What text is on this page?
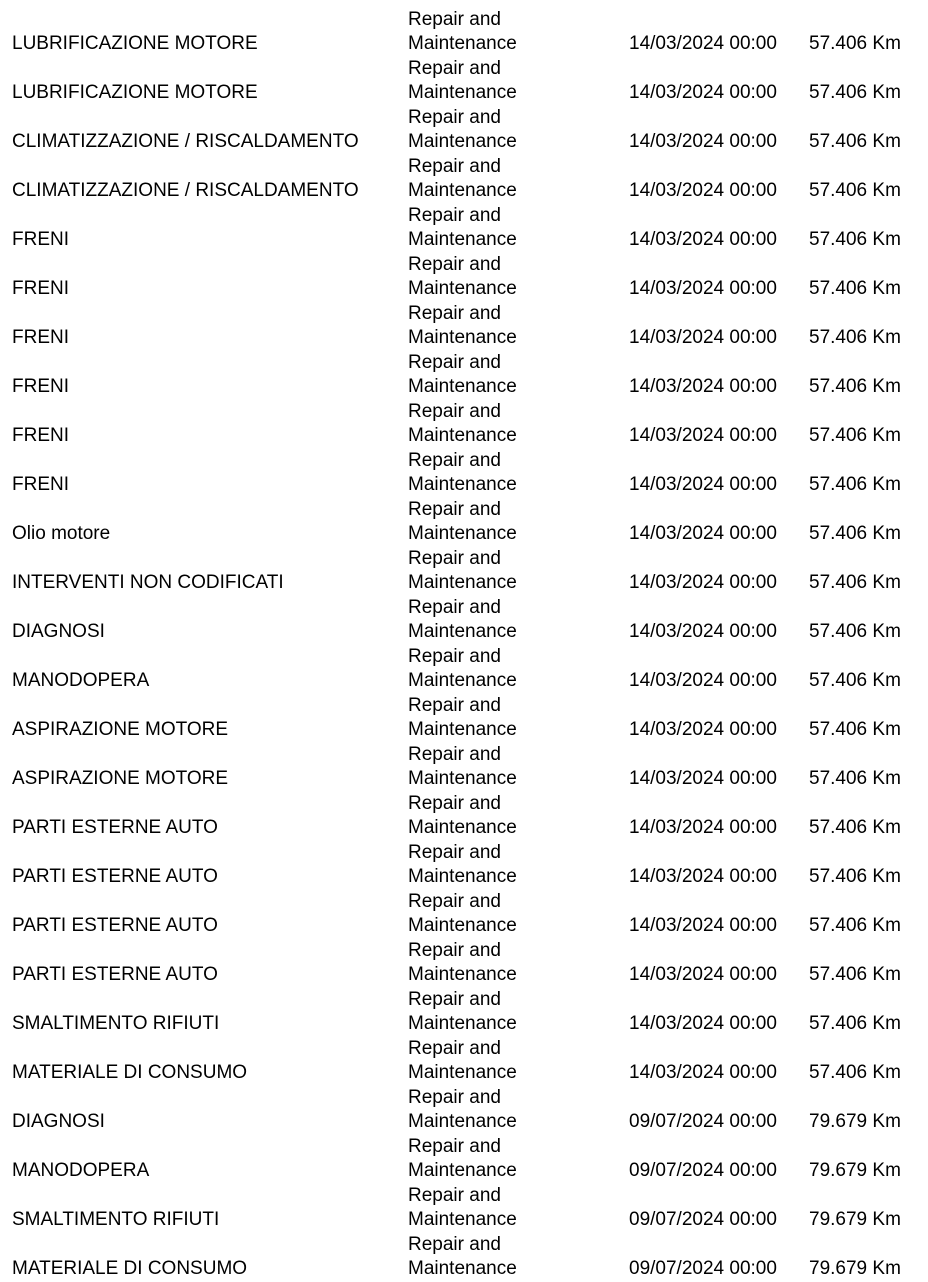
LUBRIFICAZIONE MOTORE
Repair and
Maintenance	14/03/2024 00:00 57.406 Km
LUBRIFICAZIONE MOTORE
Repair and
Maintenance	14/03/2024 00:00 57.406 Km
CLIMATIZZAZIONE / RISCALDAMENTO
Repair and
Maintenance	14/03/2024 00:00 57.406 Km
CLIMATIZZAZIONE / RISCALDAMENTO
Repair and
Maintenance	14/03/2024 00:00 57.406 Km
FRENI
Repair and
Maintenance	14/03/2024 00:00 57.406 Km
FRENI
Repair and
Maintenance	14/03/2024 00:00 57.406 Km
FRENI
Repair and
Maintenance	14/03/2024 00:00 57.406 Km
FRENI
Repair and
Maintenance	14/03/2024 00:00 57.406 Km
FRENI
Repair and
Maintenance	14/03/2024 00:00 57.406 Km
FRENI
Repair and
Maintenance	14/03/2024 00:00 57.406 Km
Olio motore
Repair and
Maintenance	14/03/2024 00:00 57.406 Km
INTERVENTI NON CODIFICATI
Repair and
Maintenance	14/03/2024 00:00 57.406 Km
DIAGNOSI
Repair and
Maintenance	14/03/2024 00:00 57.406 Km
MANODOPERA
Repair and
Maintenance	14/03/2024 00:00 57.406 Km
ASPIRAZIONE MOTORE
Repair and
Maintenance	14/03/2024 00:00 57.406 Km
ASPIRAZIONE MOTORE
Repair and
Maintenance	14/03/2024 00:00 57.406 Km
PARTI ESTERNE AUTO
Repair and
Maintenance	14/03/2024 00:00 57.406 Km
PARTI ESTERNE AUTO
Repair and
Maintenance	14/03/2024 00:00 57.406 Km
PARTI ESTERNE AUTO
Repair and
Maintenance	14/03/2024 00:00 57.406 Km
PARTI ESTERNE AUTO
Repair and
Maintenance	14/03/2024 00:00 57.406 Km
SMALTIMENTO RIFIUTI
Repair and
Maintenance	14/03/2024 00:00 57.406 Km
MATERIALE DI CONSUMO
Repair and
Maintenance	14/03/2024 00:00 57.406 Km
DIAGNOSI
Repair and
Maintenance	09/07/2024 00:00 79.679 Km
MANODOPERA
Repair and
Maintenance	09/07/2024 00:00 79.679 Km
SMALTIMENTO RIFIUTI
Repair and
Maintenance	09/07/2024 00:00 79.679 Km
MATERIALE DI CONSUMO
Repair and
Maintenance	09/07/2024 00:00 79.679 Km
